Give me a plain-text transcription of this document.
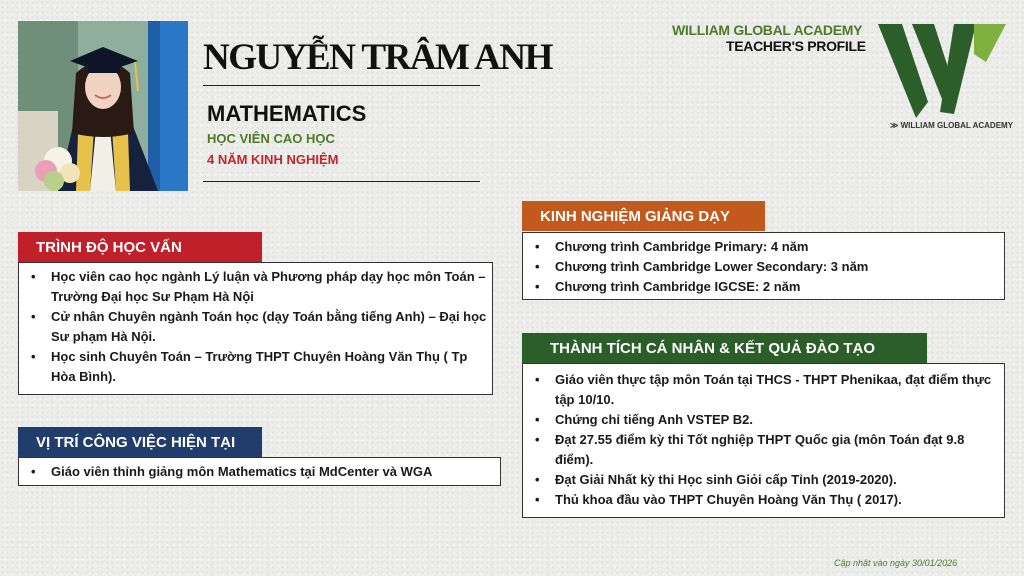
NGUYỄN TRÂM ANH
MATHEMATICS
HỌC VIÊN CAO HỌC
4 NĂM KINH NGHIỆM
WILLIAM GLOBAL ACADEMY
TEACHER'S PROFILE
≫ WILLIAM GLOBAL ACADEMY
TRÌNH ĐỘ HỌC VẤN
• Học viên cao học ngành Lý luận và Phương pháp dạy học môn Toán – Trường Đại học Sư Phạm Hà Nội
• Cử nhân Chuyên ngành Toán học (dạy Toán bằng tiếng Anh) – Đại học Sư phạm Hà Nội.
• Học sinh Chuyên Toán – Trường THPT Chuyên Hoàng Văn Thụ ( Tp Hòa Bình).
VỊ TRÍ CÔNG VIỆC HIỆN TẠI
• Giáo viên thỉnh giảng môn Mathematics tại MdCenter và WGA
KINH NGHIỆM GIẢNG DẠY
• Chương trình Cambridge Primary: 4 năm
• Chương trình Cambridge Lower Secondary: 3 năm
• Chương trình Cambridge IGCSE: 2 năm
THÀNH TÍCH CÁ NHÂN & KẾT QUẢ ĐÀO TẠO
• Giáo viên thực tập môn Toán tại THCS - THPT Phenikaa, đạt điểm thực tập 10/10.
• Chứng chỉ tiếng Anh VSTEP B2.
• Đạt 27.55 điểm kỳ thi Tốt nghiệp THPT Quốc gia (môn Toán đạt 9.8 điểm).
• Đạt Giải Nhất kỳ thi Học sinh Giỏi cấp Tỉnh (2019-2020).
• Thủ khoa đầu vào THPT Chuyên Hoàng Văn Thụ ( 2017).
Cập nhật vào ngày 30/01/2026
